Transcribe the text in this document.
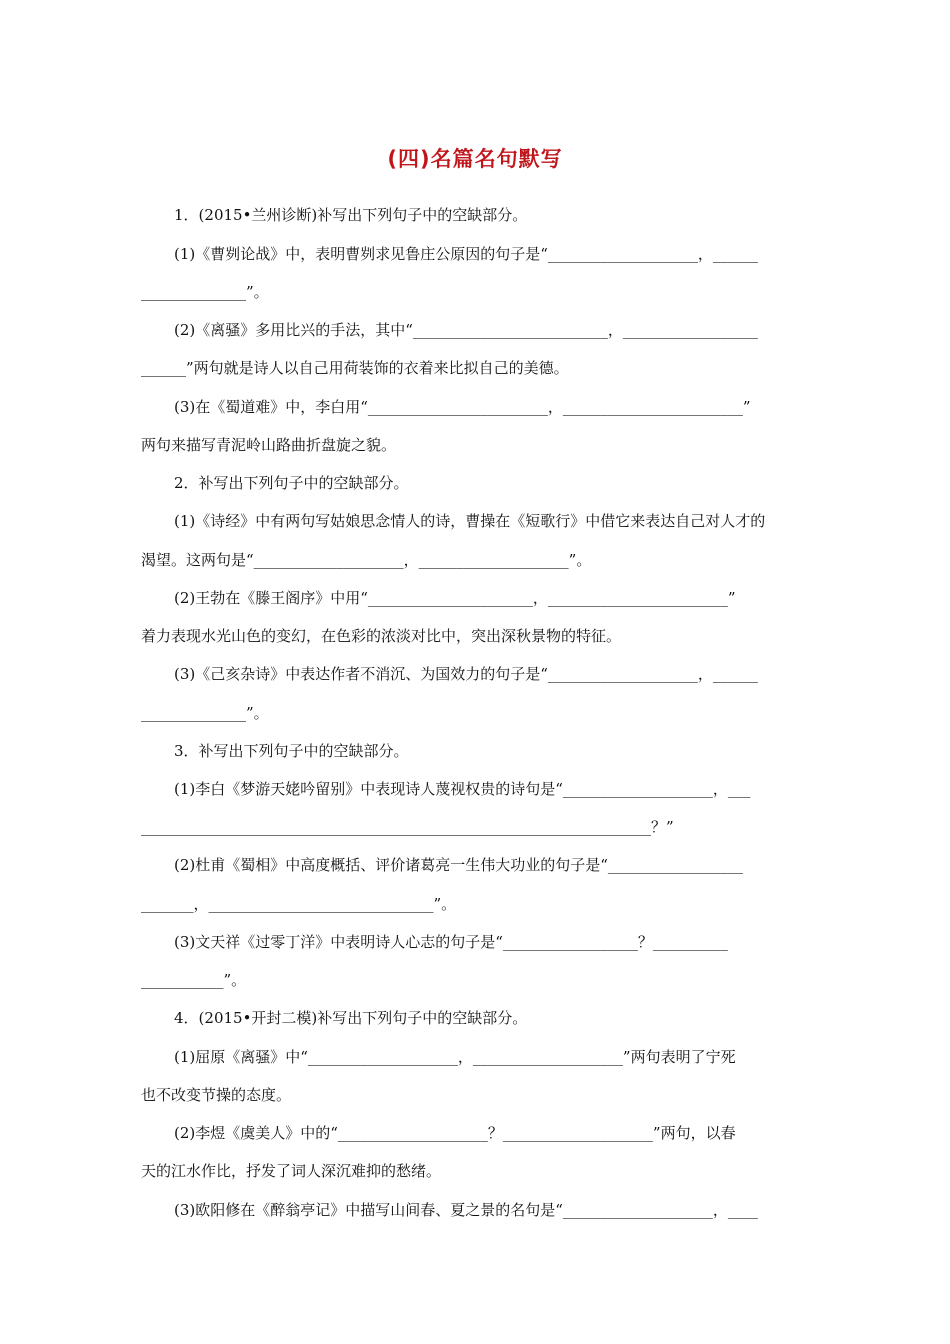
(四)名篇名句默写
1．(2015•兰州诊断)补写出下列句子中的空缺部分。
(1)《曹刿论战》中，表明曹刿求见鲁庄公原因的句子是“____________________，______
______________”。
(2)《离骚》多用比兴的手法，其中“__________________________，__________________
______”两句就是诗人以自己用荷装饰的衣着来比拟自己的美德。
(3)在《蜀道难》中，李白用“________________________，________________________”
两句来描写青泥岭山路曲折盘旋之貌。
2．补写出下列句子中的空缺部分。
(1)《诗经》中有两句写姑娘思念情人的诗，曹操在《短歌行》中借它来表达自己对人才的
渴望。这两句是“____________________，____________________”。
(2)王勃在《滕王阁序》中用“______________________，________________________”
着力表现水光山色的变幻，在色彩的浓淡对比中，突出深秋景物的特征。
(3)《己亥杂诗》中表达作者不消沉、为国效力的句子是“____________________，______
______________”。
3．补写出下列句子中的空缺部分。
(1)李白《梦游天姥吟留别》中表现诗人蔑视权贵的诗句是“____________________，___
____________________________________________________________________？”
(2)杜甫《蜀相》中高度概括、评价诸葛亮一生伟大功业的句子是“__________________
_______，______________________________”。
(3)文天祥《过零丁洋》中表明诗人心志的句子是“__________________？__________
___________”。
4．(2015•开封二模)补写出下列句子中的空缺部分。
(1)屈原《离骚》中“____________________，____________________”两句表明了宁死
也不改变节操的态度。
(2)李煜《虞美人》中的“____________________？____________________”两句，以春
天的江水作比，抒发了词人深沉难抑的愁绪。
(3)欧阳修在《醉翁亭记》中描写山间春、夏之景的名句是“____________________，____
